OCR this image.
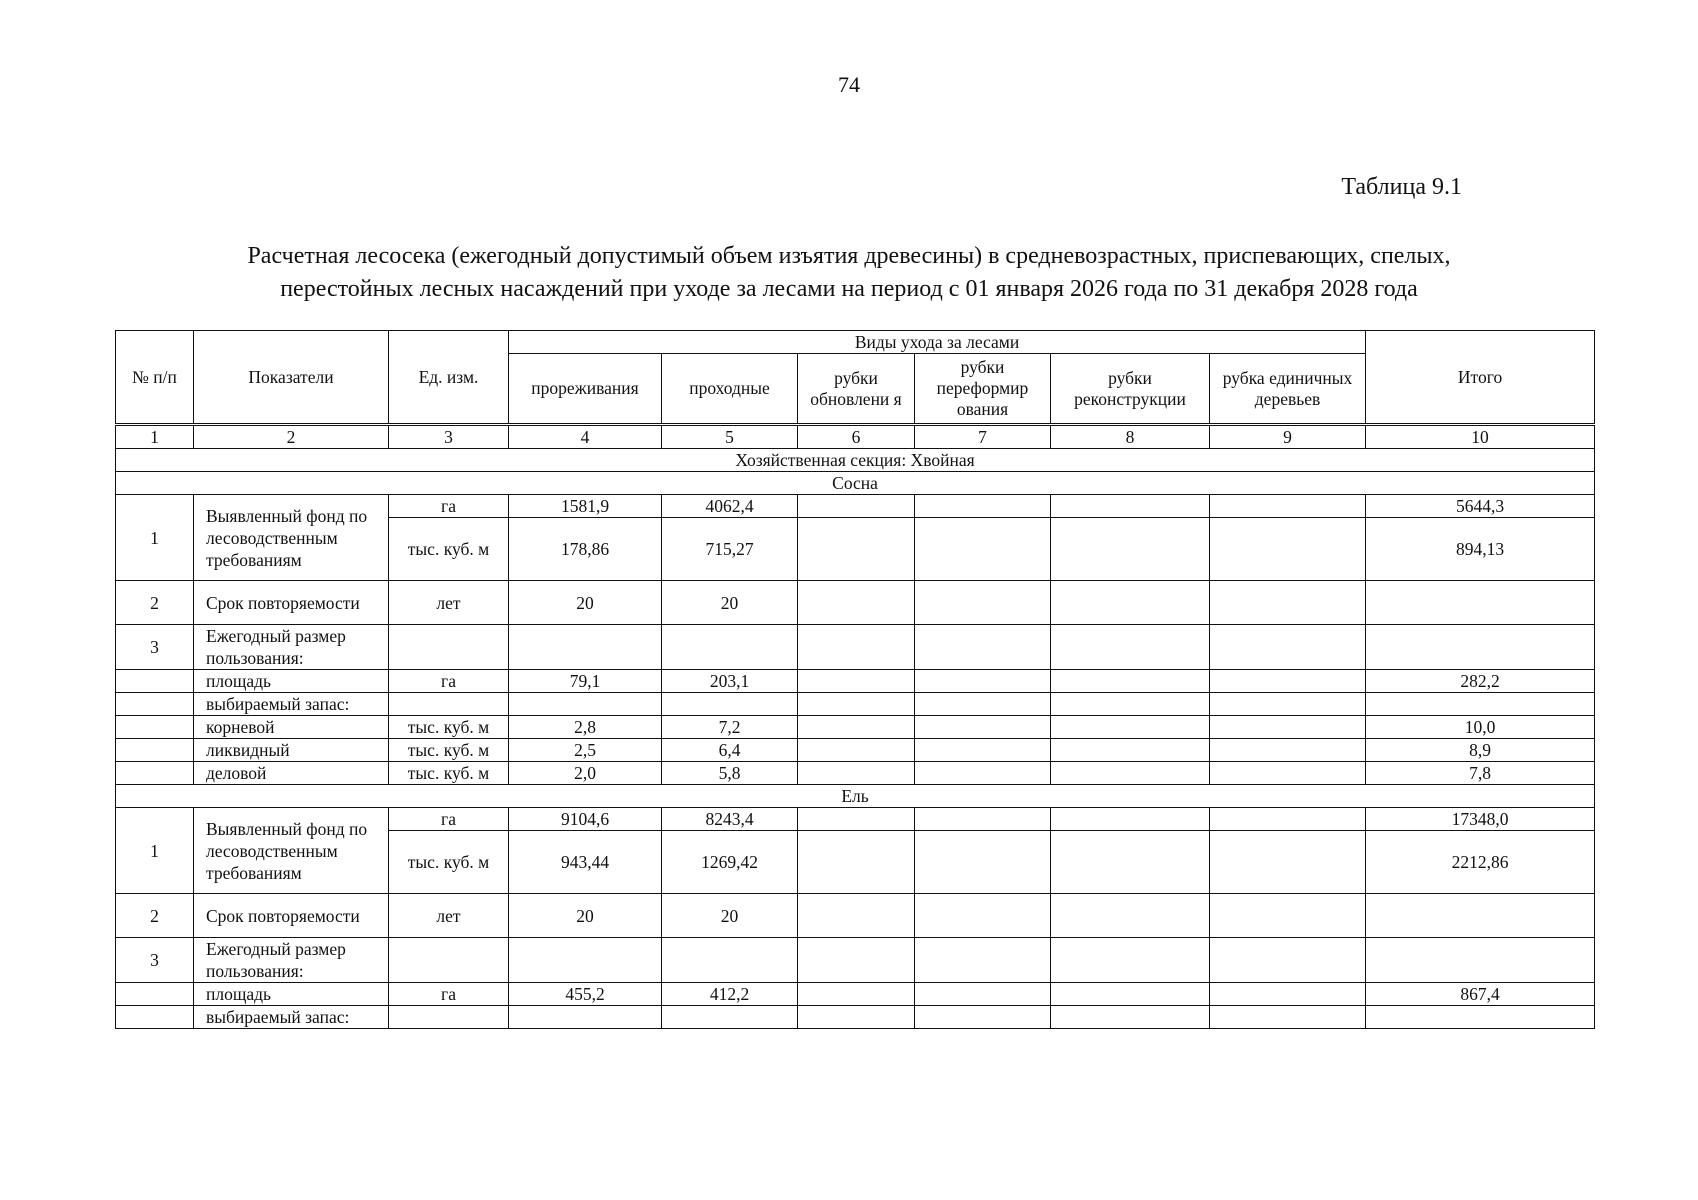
74
Таблица 9.1
Расчетная лесосека (ежегодный допустимый объем изъятия древесины) в средневозрастных, приспевающих, спелых,
перестойных лесных насаждений при уходе за лесами на период с 01 января 2026 года по 31 декабря 2028 года
№ п/п	Показатели	Ед. изм.	Виды ухода за лесами						Итого
			прореживания	проходные	рубки обновлени я	рубки переформир ования	рубки реконструкции	рубка единичных деревьев	
1	2	3	4	5	6	7	8	9	10
Хозяйственная секция: Хвойная									
Сосна									
1	Выявленный фонд по лесоводственным требованиям	га	1581,9	4062,4					5644,3
		тыс. куб. м	178,86	715,27					894,13
2	Срок повторяемости	лет	20	20					
3	Ежегодный размер пользования:								
	площадь	га	79,1	203,1					282,2
	выбираемый запас:								
	корневой	тыс. куб. м	2,8	7,2					10,0
	ликвидный	тыс. куб. м	2,5	6,4					8,9
	деловой	тыс. куб. м	2,0	5,8					7,8
Ель									
1	Выявленный фонд по лесоводственным требованиям	га	9104,6	8243,4					17348,0
		тыс. куб. м	943,44	1269,42					2212,86
2	Срок повторяемости	лет	20	20					
3	Ежегодный размер пользования:								
	площадь	га	455,2	412,2					867,4
	выбираемый запас:								
